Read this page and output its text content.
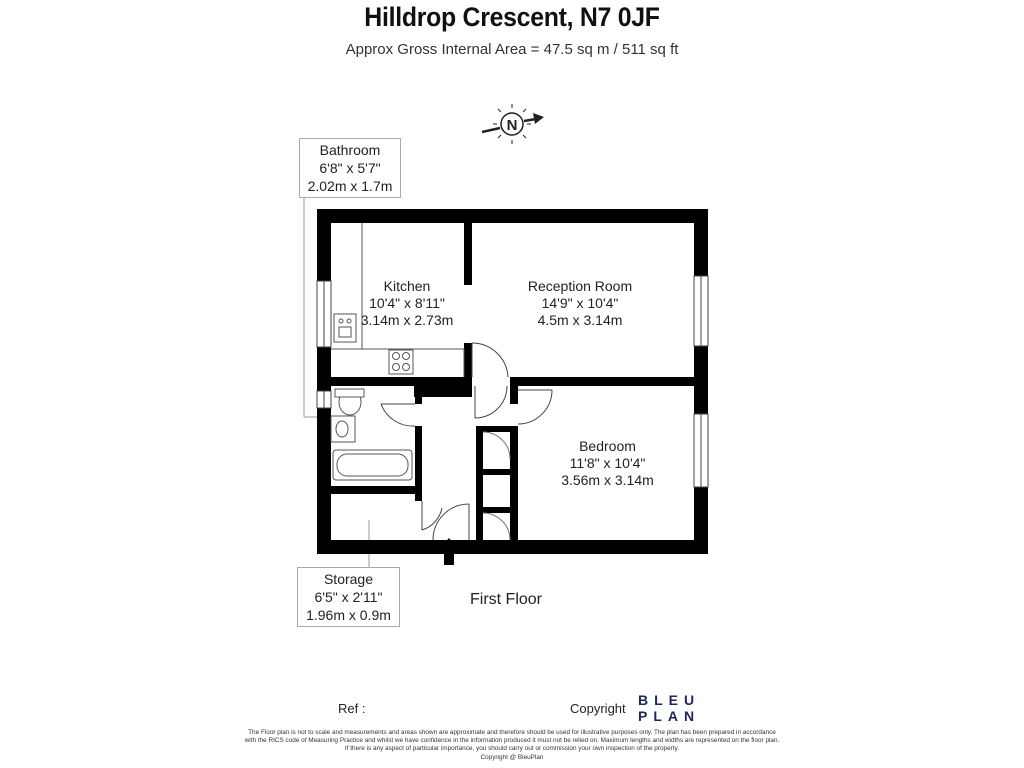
Hilldrop Crescent, N7 0JF
Approx Gross Internal Area = 47.5 sq m / 511 sq ft
N
Kitchen
10'4" x 8'11"
3.14m x 2.73m
Reception Room
14'9" x 10'4"
4.5m x 3.14m
Bedroom
11'8" x 10'4"
3.56m x 3.14m
Bathroom
6'8" x 5'7"
2.02m x 1.7m
Storage
6'5" x 2'11"
1.96m x 0.9m
First Floor
Ref :	Copyright
BLEU
PLAN
The Floor plan is not to scale and measurements and areas shown are approximate and therefore should be used for illustrative purposes only. The plan has been prepared in accordance
with the RICS code of Measuring Practice and whilst we have confidence in the information produced it must not be relied on. Maximum lengths and widths are represented on the floor plan.
If there is any aspect of particular importance, you should carry out or commission your own inspection of the property.
Copyright @ BleuPlan
